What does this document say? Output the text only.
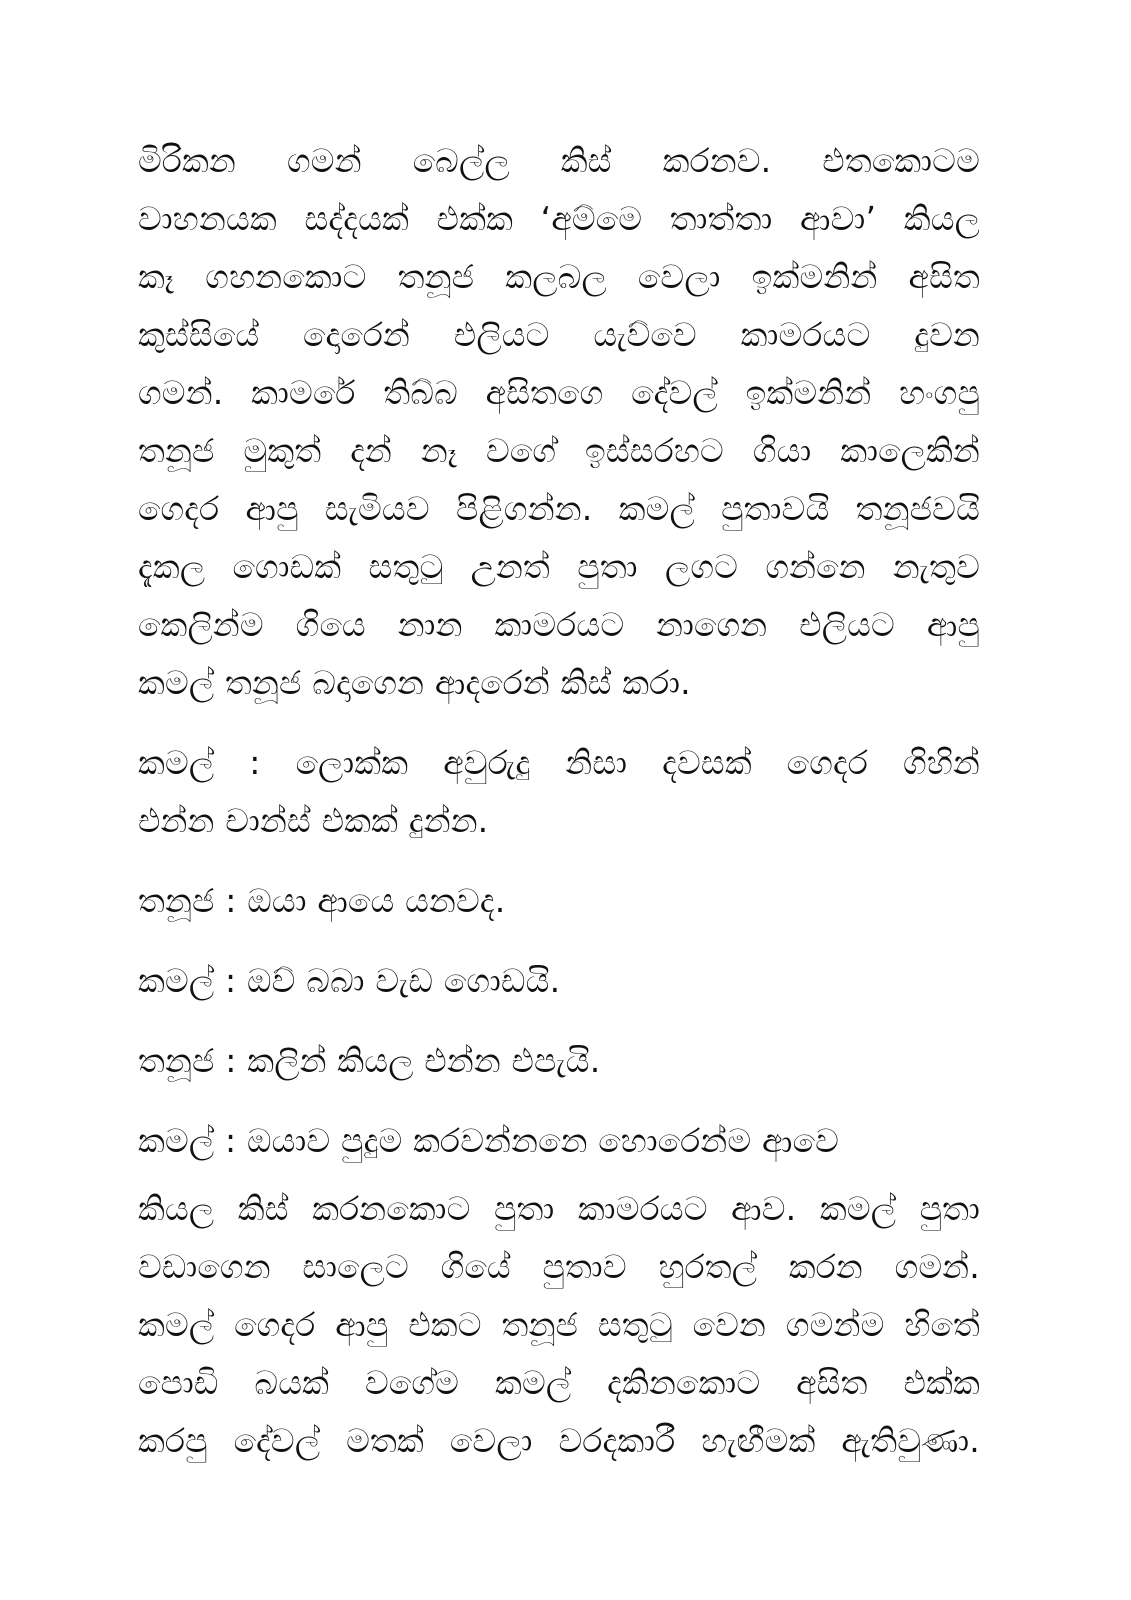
මිරිකන ගමන් බෙල්ල කිස් කරනව. එතකොටම
වාහනයක සද්දයක් එක්ක ‘අම්මෙ තාත්තා ආවා’ කියල
කෑ ගහනකොට තනූජ කලබල වෙලා ඉක්මනින් අසිත
කුස්සියේ දොරෙන් එලියට යැව්වෙ කාමරයට දුවන
ගමන්. කාමරේ තිබ්බ අසිතගෙ දේවල් ඉක්මනින් හංගපු
තනූජ මුකුත් දන් නෑ වගේ ඉස්සරහට ගියා කාලෙකින්
ගෙදර ආපු සැමියව පිළිගන්න. කමල් පුතාවයි තනූජවයි
දැකල ගොඩක් සතුටු උනත් පුතා ලගට ගන්නෙ නැතුව
කෙලින්ම ගියෙ නාන කාමරයට නාගෙන එලියට ආපු
කමල් තනූජ බදාගෙන ආදරෙන් කිස් කරා.
කමල් : ලොක්ක අවුරුදු නිසා දවසක් ගෙදර ගිහින්
එන්න චාන්ස් එකක් දුන්න.
තනූජ : ඔයා ආයෙ යනවද.
කමල් : ඔව් බබා වැඩ ගොඩයි.
තනූජ : කලින් කියල එන්න එපැයි.
කමල් : ඔයාව පුදුම කරවන්නනෙ හොරෙන්ම ආවෙ
කියල කිස් කරනකොට පුතා කාමරයට ආව. කමල් පුතා
වඩාගෙන සාලෙට ගියේ පුතාව හුරතල් කරන ගමන්.
කමල් ගෙදර ආපු එකට තනූජ සතුටු වෙන ගමන්ම හිතේ
පොඩි බයක් වගේම කමල් දකිනකොට අසිත එක්ක
කරපු දේවල් මතක් වෙලා වරදකාරී හැඟීමක් ඇතිවුණා.
